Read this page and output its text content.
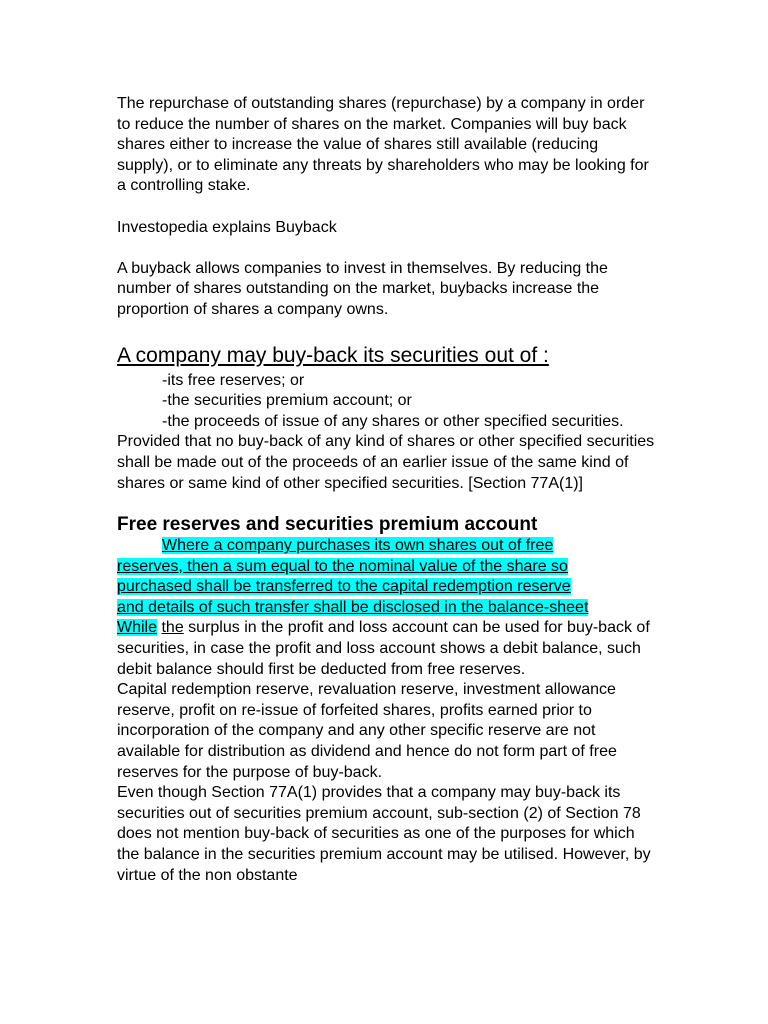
The repurchase of outstanding shares (repurchase) by a company in order to reduce the number of shares on the market. Companies will buy back shares either to increase the value of shares still available (reducing supply), or to eliminate any threats by shareholders who may be looking for a controlling stake.

Investopedia explains Buyback

A buyback allows companies to invest in themselves. By reducing the number of shares outstanding on the market, buybacks increase the proportion of shares a company owns.

A company may buy-back its securities out of :

-its free reserves; or

-the securities premium account; or

-the proceeds of issue of any shares or other specified securities.

Provided that no buy-back of any kind of shares or other specified securities shall be made out of the proceeds of an earlier issue of the same kind of shares or same kind of other specified securities. [Section 77A(1)]

Free reserves and securities premium account

Where a company purchases its own shares out of free
reserves, then a sum equal to the nominal value of the share so
purchased shall be transferred to the capital redemption reserve
and details of such transfer shall be disclosed in the balance-sheet
While the surplus in the profit and loss account can be used for buy-back of securities, in case the profit and loss account shows a debit balance, such debit balance should first be deducted from free reserves.

Capital redemption reserve, revaluation reserve, investment allowance reserve, profit on re-issue of forfeited shares, profits earned prior to incorporation of the company and any other specific reserve are not available for distribution as dividend and hence do not form part of free reserves for the purpose of buy-back.

Even though Section 77A(1) provides that a company may buy-back its securities out of securities premium account, sub-section (2) of Section 78 does not mention buy-back of securities as one of the purposes for which the balance in the securities premium account may be utilised. However, by virtue of the non obstante
